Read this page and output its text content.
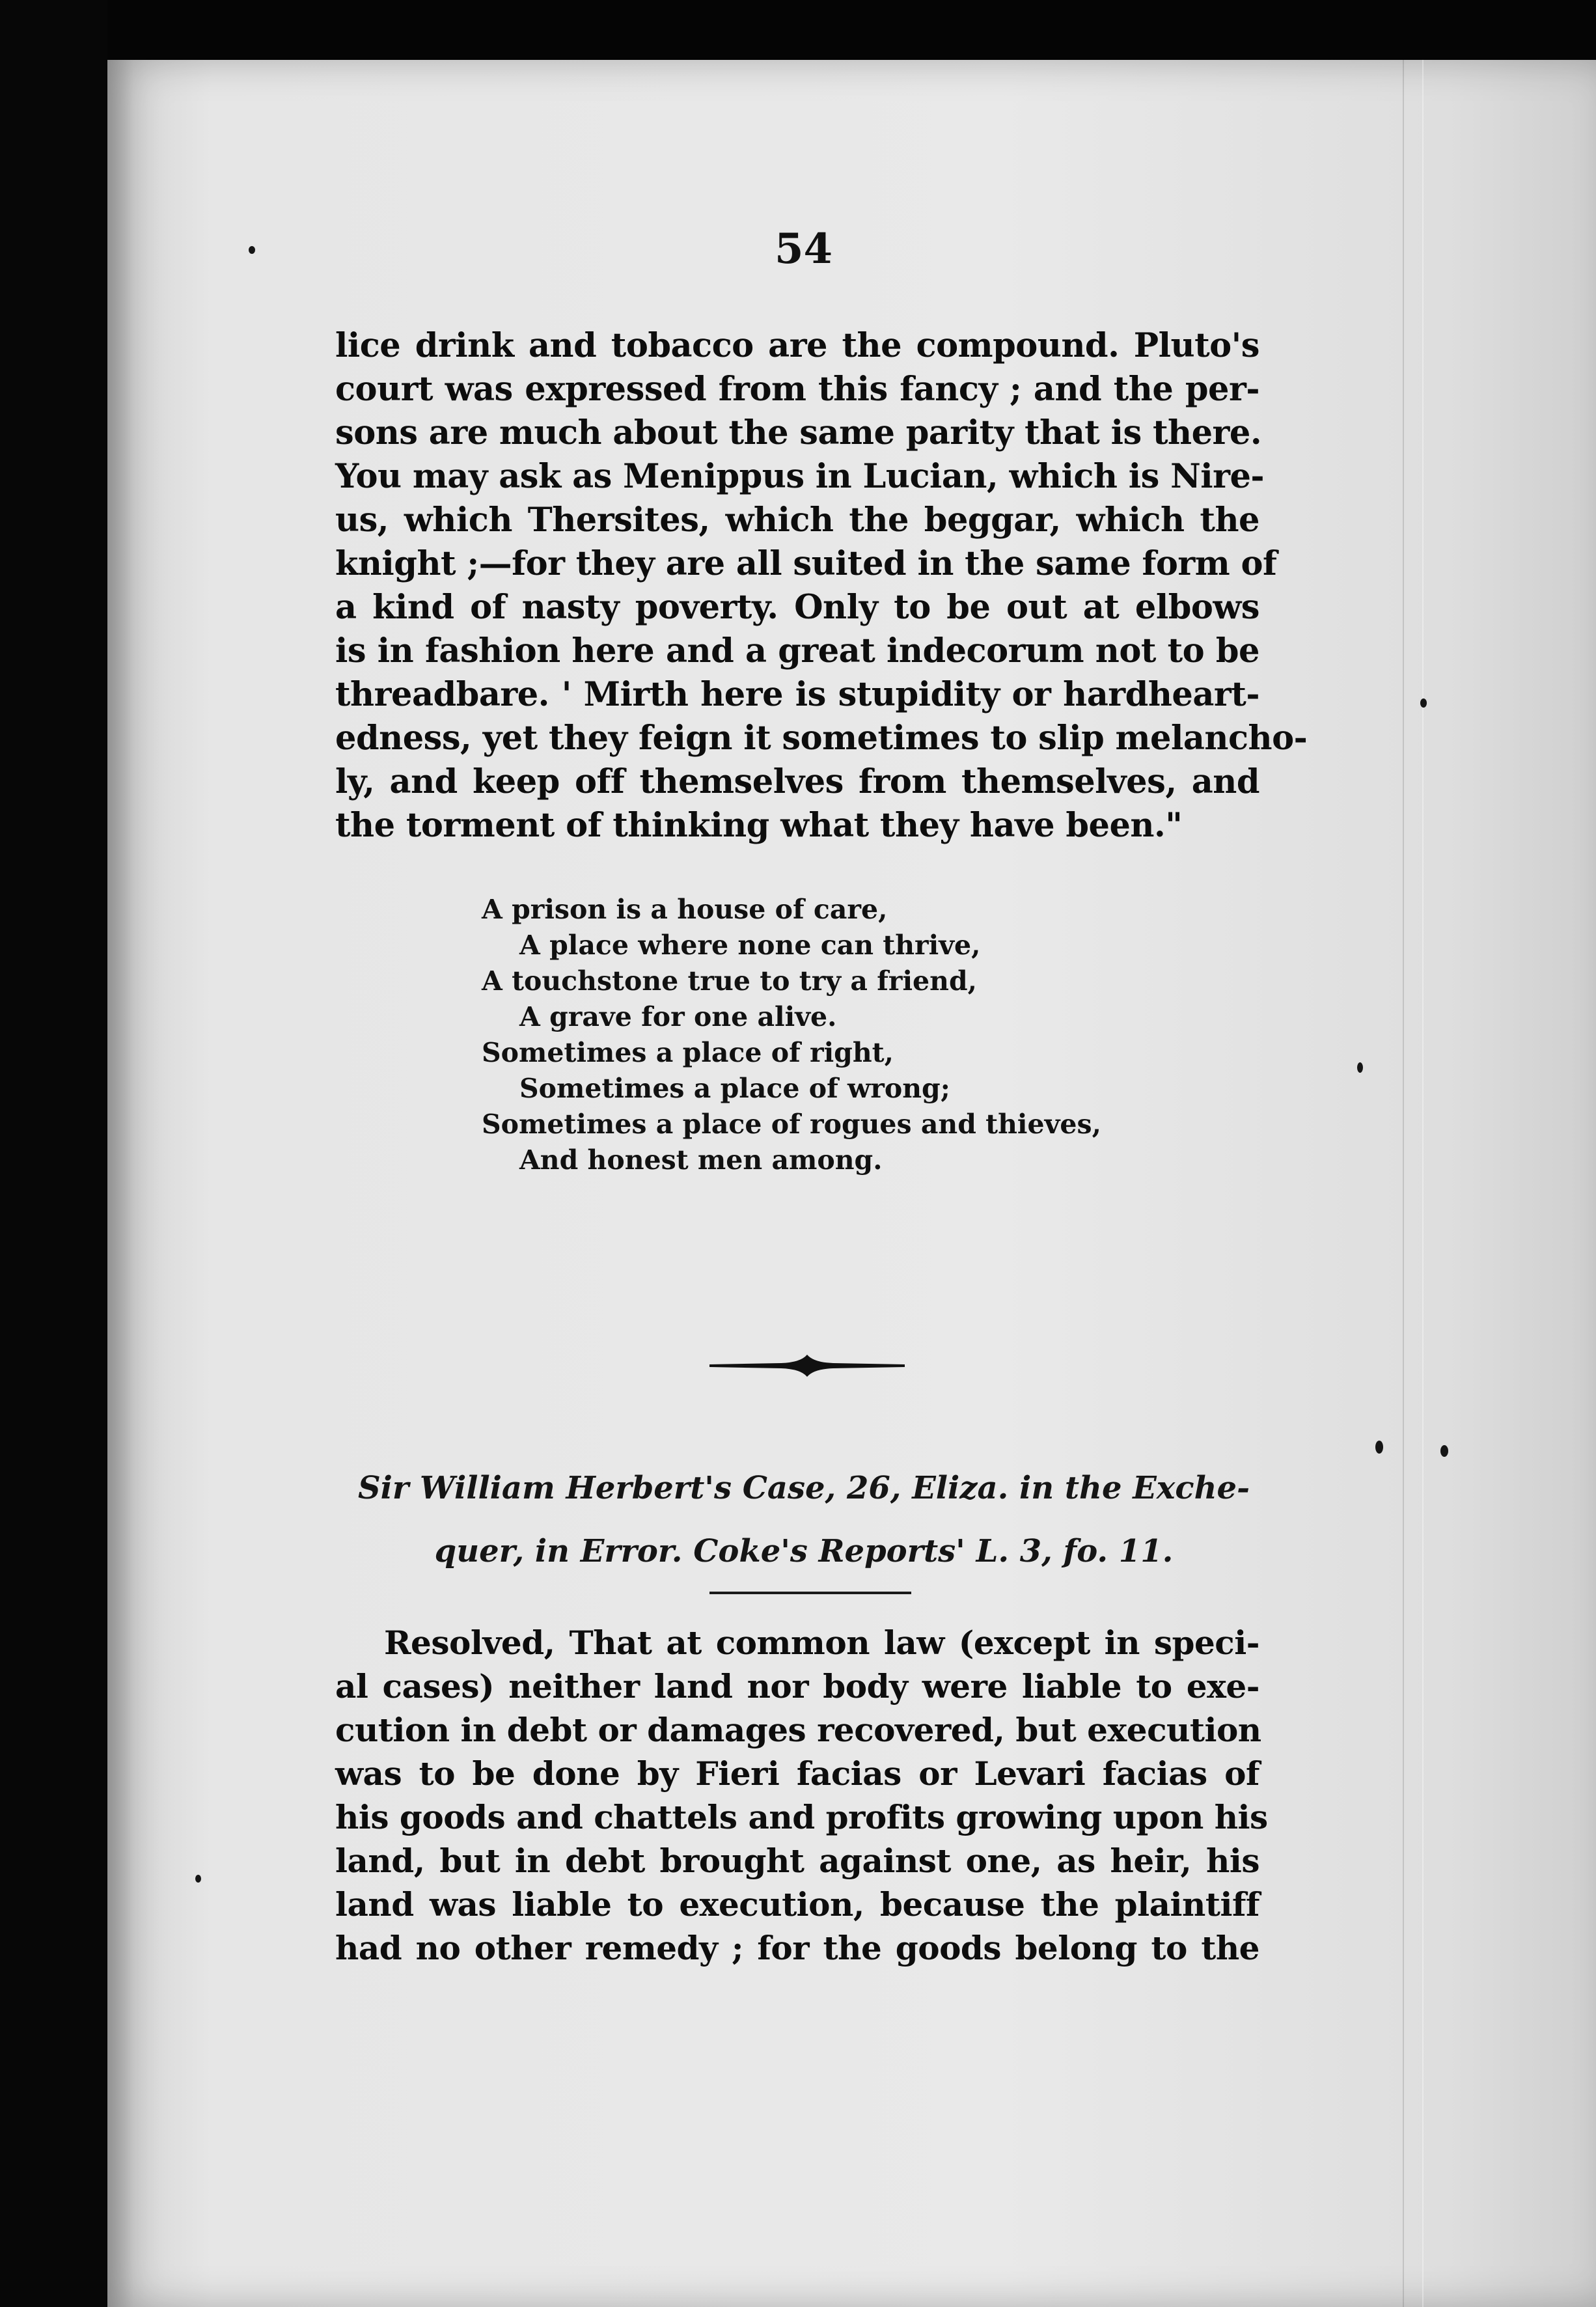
54
lice drink and tobacco are the compound. Pluto's
court was expressed from this fancy ; and the per-
sons are much about the same parity that is there.
You may ask as Menippus in Lucian, which is Nire-
us, which Thersites, which the beggar, which the
knight ;—for they are all suited in the same form of
a kind of nasty poverty. Only to be out at elbows
is in fashion here and a great indecorum not to be
threadbare. ' Mirth here is stupidity or hardheart-
edness, yet they feign it sometimes to slip melancho-
ly, and keep off themselves from themselves, and
the torment of thinking what they have been."
A prison is a house of care,
A place where none can thrive,
A touchstone true to try a friend,
A grave for one alive.
Sometimes a place of right,
Sometimes a place of wrong;
Sometimes a place of rogues and thieves,
And honest men among.
Sir William Herbert's Case, 26, Eliza. in the Exche-
quer, in Error. Coke's Reports' L. 3, fo. 11.
Resolved, That at common law (except in speci-
al cases) neither land nor body were liable to exe-
cution in debt or damages recovered, but execution
was to be done by Fieri facias or Levari facias of
his goods and chattels and profits growing upon his
land, but in debt brought against one, as heir, his
land was liable to execution, because the plaintiff
had no other remedy ; for the goods belong to the
